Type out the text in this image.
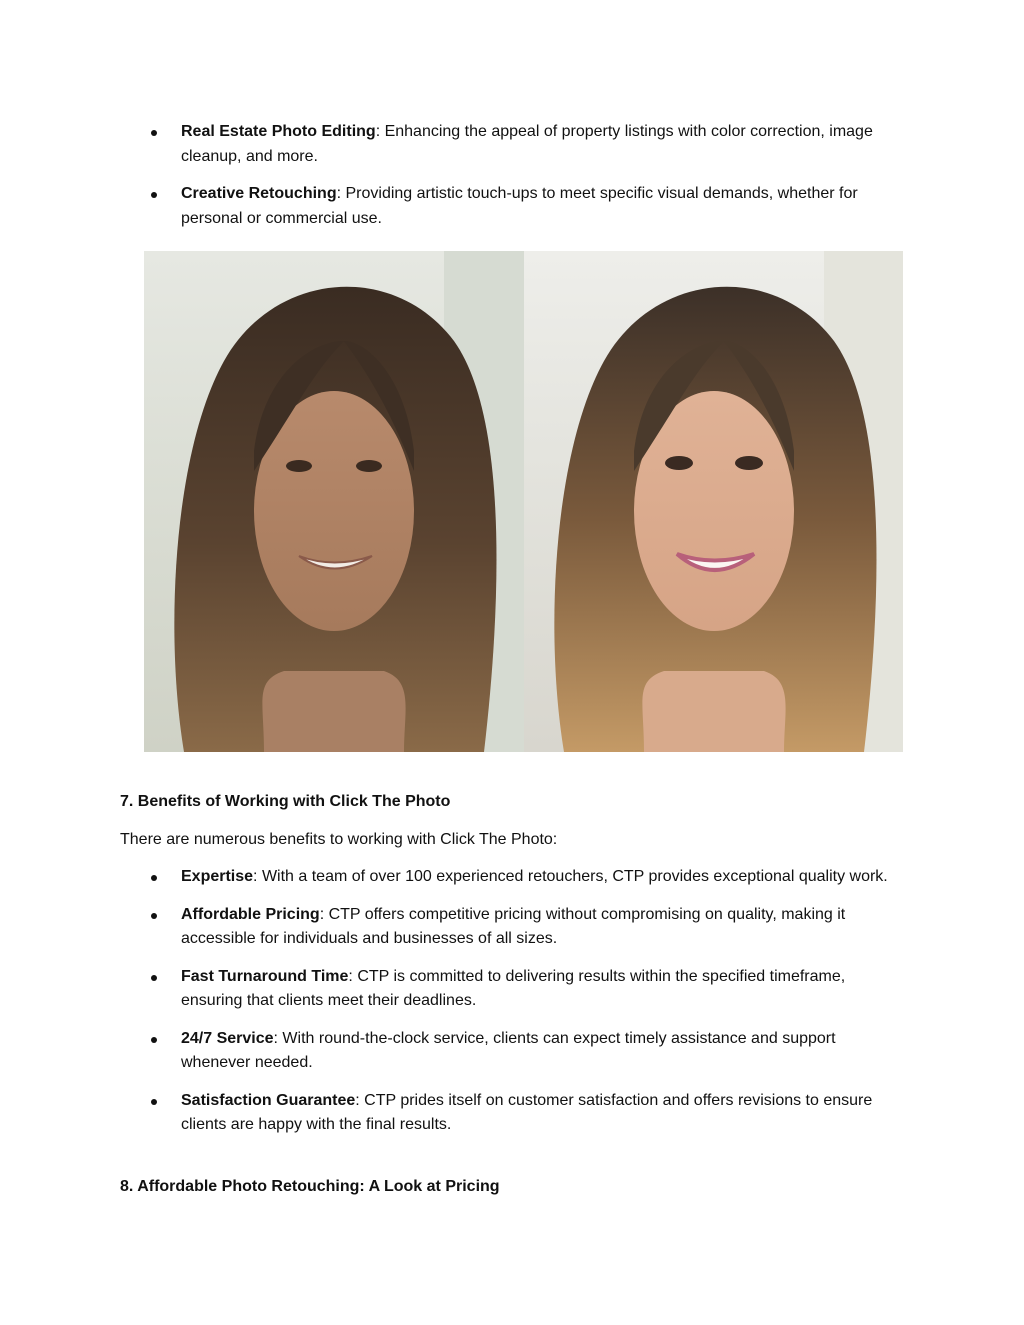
Real Estate Photo Editing: Enhancing the appeal of property listings with color correction, image cleanup, and more.
Creative Retouching: Providing artistic touch-ups to meet specific visual demands, whether for personal or commercial use.
7. Benefits of Working with Click The Photo

There are numerous benefits to working with Click The Photo:

Expertise: With a team of over 100 experienced retouchers, CTP provides exceptional quality work.
Affordable Pricing: CTP offers competitive pricing without compromising on quality, making it accessible for individuals and businesses of all sizes.
Fast Turnaround Time: CTP is committed to delivering results within the specified timeframe, ensuring that clients meet their deadlines.
24/7 Service: With round-the-clock service, clients can expect timely assistance and support whenever needed.
Satisfaction Guarantee: CTP prides itself on customer satisfaction and offers revisions to ensure clients are happy with the final results.
8. Affordable Photo Retouching: A Look at Pricing
